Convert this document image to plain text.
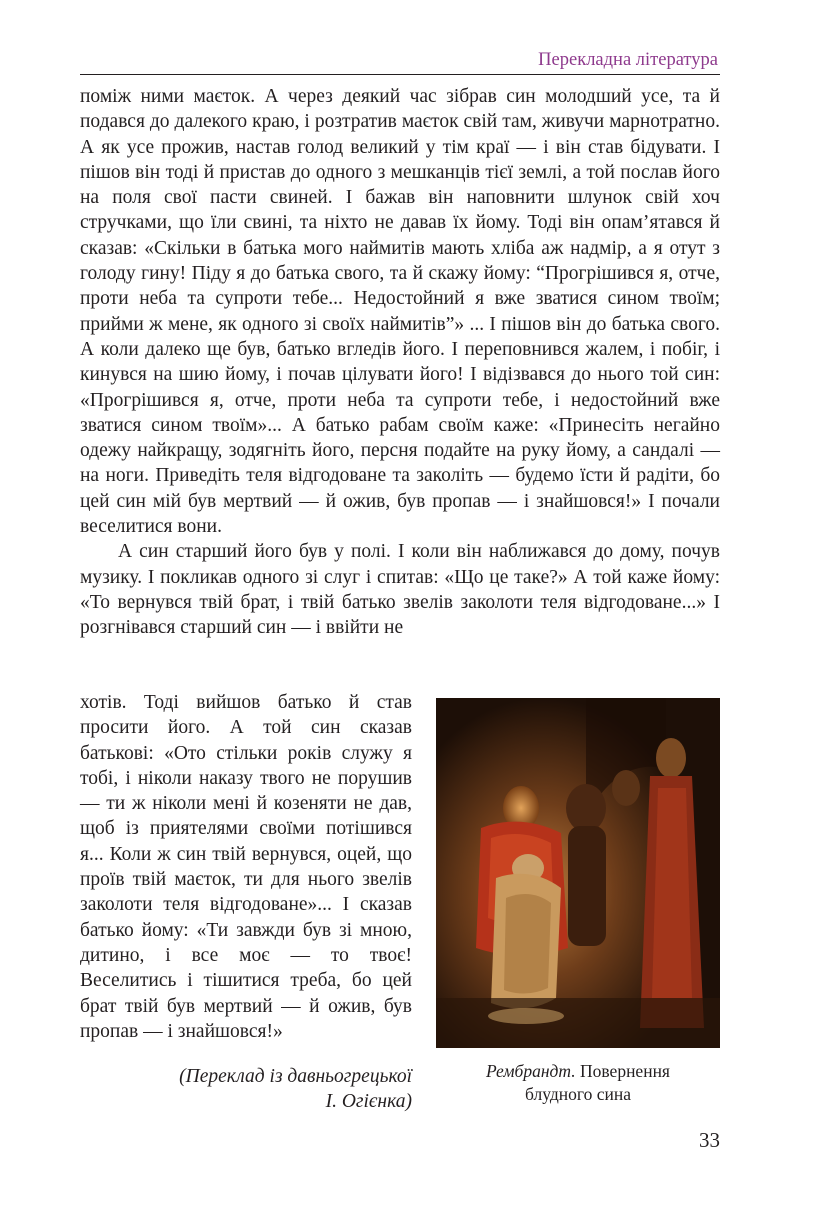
Перекладна література

поміж ними маєток. А через деякий час зібрав син молодший усе, та й подався до далекого краю, і розтратив маєток свій там, живучи марнотратно. А як усе прожив, настав голод великий у тім краї — і він став бідувати. І пішов він тоді й пристав до одного з мешканців тієї землі, а той послав його на поля свої пасти свиней. І бажав він наповнити шлунок свій хоч стручками, що їли свині, та ніхто не давав їх йому. Тоді він опам’ятався й сказав: «Скільки в батька мого наймитів мають хліба аж надмір, а я отут з голоду гину! Піду я до батька свого, та й скажу йому: “Прогрішився я, отче, проти неба та супроти тебе... Недостойний я вже зватися сином твоїм; прийми ж мене, як одного зі своїх наймитів”» ... І пішов він до батька свого. А коли далеко ще був, батько вгледів його. І переповнився жалем, і побіг, і кинувся на шию йому, і почав цілувати його! І відізвався до нього той син: «Прогрішився я, отче, проти неба та супроти тебе, і недостойний вже зватися сином твоїм»... А батько рабам своїм каже: «Принесіть негайно одежу найкращу, зодягніть його, персня подайте на руку йому, а сандалі — на ноги. Приведіть теля відгодоване та заколіть — будемо їсти й радіти, бо цей син мій був мертвий — й ожив, був пропав — і знайшовся!» І почали веселитися вони.

А син старший його був у полі. І коли він наближався до дому, почув музику. І покликав одного зі слуг і спитав: «Що це таке?» А той каже йому: «То вернувся твій брат, і твій батько звелів заколоти теля відгодоване...» І розгнівався старший син — і ввійти не

хотів. Тоді вийшов батько й став просити його. А той син сказав батькові: «Ото стільки років служу я тобі, і ніколи наказу твого не порушив — ти ж ніколи мені й козеняти не дав, щоб із приятелями своїми потішився я... Коли ж син твій вернувся, оцей, що проїв твій маєток, ти для нього звелів заколоти теля відгодоване»... І сказав батько йому: «Ти завжди був зі мною, дитино, і все моє — то твоє! Веселитись і тішитися треба, бо цей брат твій був мертвий — й ожив, був пропав — і знайшовся!»

(Переклад із давньогрецької
І. Огієнка)
Рембрандт. Повернення
блудного сина
33
